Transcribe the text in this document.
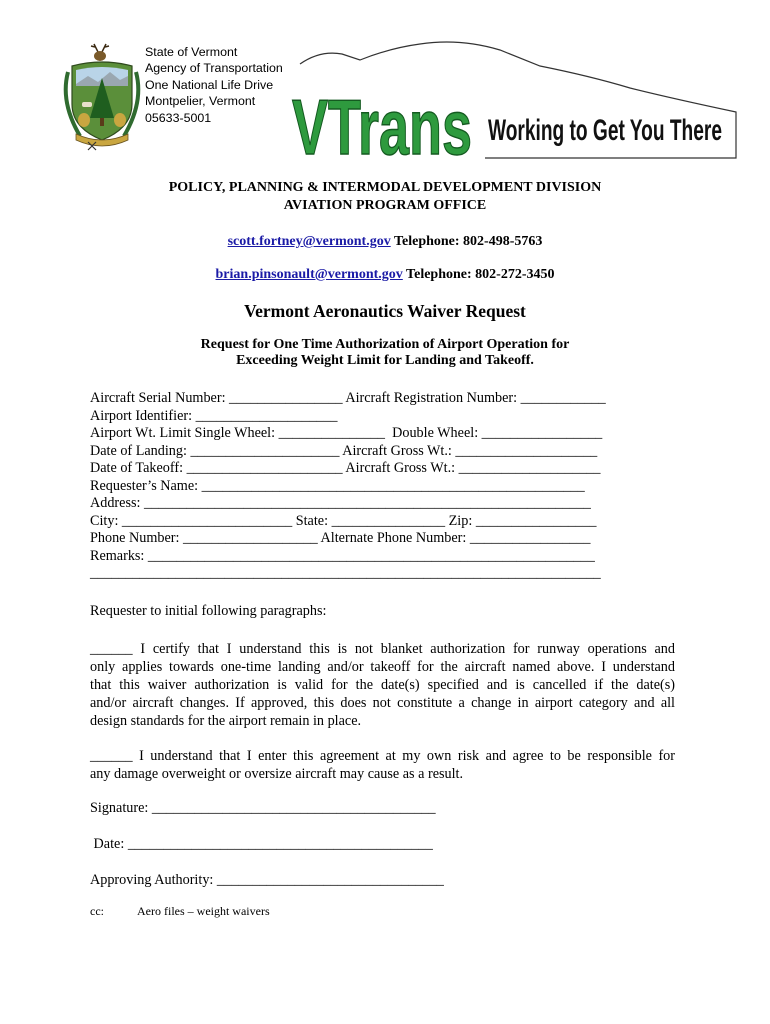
State of Vermont
Agency of Transportation
One National Life Drive
Montpelier, Vermont
05633-5001	VTrans Working to Get You There
POLICY, PLANNING & INTERMODAL DEVELOPMENT DIVISION
AVIATION PROGRAM OFFICE
scott.fortney@vermont.gov Telephone: 802-498-5763
brian.pinsonault@vermont.gov Telephone: 802-272-3450
Vermont Aeronautics Waiver Request
Request for One Time Authorization of Airport Operation for
Exceeding Weight Limit for Landing and Takeoff.
Aircraft Serial Number: ________________ Aircraft Registration Number: ____________
Airport Identifier: ____________________
Airport Wt. Limit Single Wheel: _______________  Double Wheel: _________________
Date of Landing: _____________________ Aircraft Gross Wt.: ____________________
Date of Takeoff: ______________________ Aircraft Gross Wt.: ____________________
Requester’s Name: ______________________________________________________
Address: _______________________________________________________________
City: ________________________ State: ________________ Zip: _________________
Phone Number: ___________________ Alternate Phone Number: _________________
Remarks: _______________________________________________________________
________________________________________________________________________
Requester to initial following paragraphs:
______ I certify that I understand this is not blanket authorization for runway operations and
only applies towards one-time landing and/or takeoff for the aircraft named above. I understand
that this waiver authorization is valid for the date(s) specified and is cancelled if the date(s)
and/or aircraft changes. If approved, this does not constitute a change in airport category and all
design standards for the airport remain in place.
______ I understand that I enter this agreement at my own risk and agree to be responsible for
any damage overweight or oversize aircraft may cause as a result.
Signature: ________________________________________
Date: ___________________________________________
Approving Authority: ________________________________
cc:	Aero files – weight waivers
